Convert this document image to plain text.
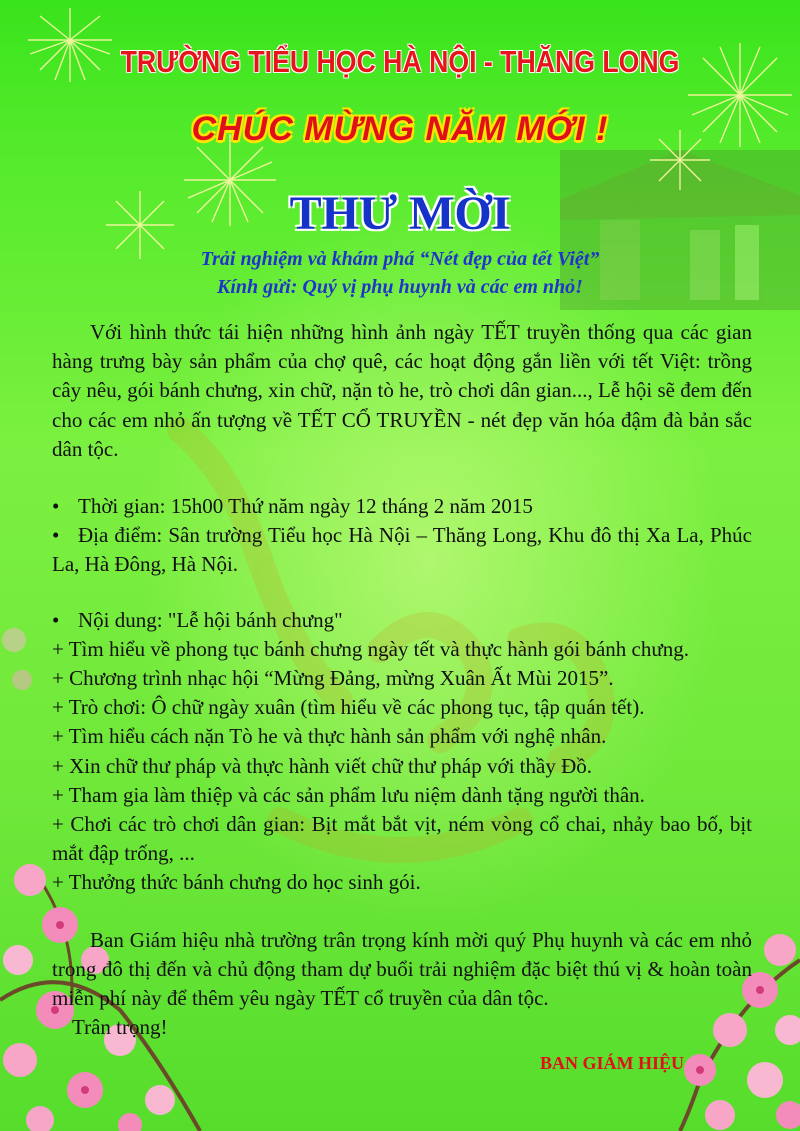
TRƯỜNG TIỂU HỌC HÀ NỘI - THĂNG LONG
CHÚC MỪNG NĂM MỚI !
THƯ MỜI
Trải nghiệm và khám phá “Nét đẹp của tết Việt”
Kính gửi: Quý vị phụ huynh và các em nhỏ!

Với hình thức tái hiện những hình ảnh ngày TẾT truyền thống qua các gian hàng trưng bày sản phẩm của chợ quê, các hoạt động gắn liền với tết Việt: trồng cây nêu, gói bánh chưng, xin chữ, nặn tò he, trò chơi dân gian..., Lễ hội sẽ đem đến cho các em nhỏ ấn tượng về TẾT CỔ TRUYỀN - nét đẹp văn hóa đậm đà bản sắc dân tộc.

• Thời gian: 15h00 Thứ năm ngày 12 tháng 2 năm 2015

• Địa điểm: Sân trường Tiểu học Hà Nội – Thăng Long, Khu đô thị Xa La, Phúc La, Hà Đông, Hà Nội.

• Nội dung: "Lễ hội bánh chưng"

+ Tìm hiểu về phong tục bánh chưng ngày tết và thực hành gói bánh chưng.

+ Chương trình nhạc hội “Mừng Đảng, mừng Xuân Ất Mùi 2015”.

+ Trò chơi: Ô chữ ngày xuân (tìm hiểu về các phong tục, tập quán tết).

+ Tìm hiểu cách nặn Tò he và thực hành sản phẩm với nghệ nhân.

+ Xin chữ thư pháp và thực hành viết chữ thư pháp với thầy Đồ.

+ Tham gia làm thiệp và các sản phẩm lưu niệm dành tặng người thân.

+ Chơi các trò chơi dân gian: Bịt mắt bắt vịt, ném vòng cổ chai, nhảy bao bố, bịt mắt đập trống, ...

+ Thưởng thức bánh chưng do học sinh gói.

Ban Giám hiệu nhà trường trân trọng kính mời quý Phụ huynh và các em nhỏ trong đô thị đến và chủ động tham dự buổi trải nghiệm đặc biệt thú vị & hoàn toàn miễn phí này để thêm yêu ngày TẾT cổ truyền của dân tộc.

Trân trọng!

BAN GIÁM HIỆU
